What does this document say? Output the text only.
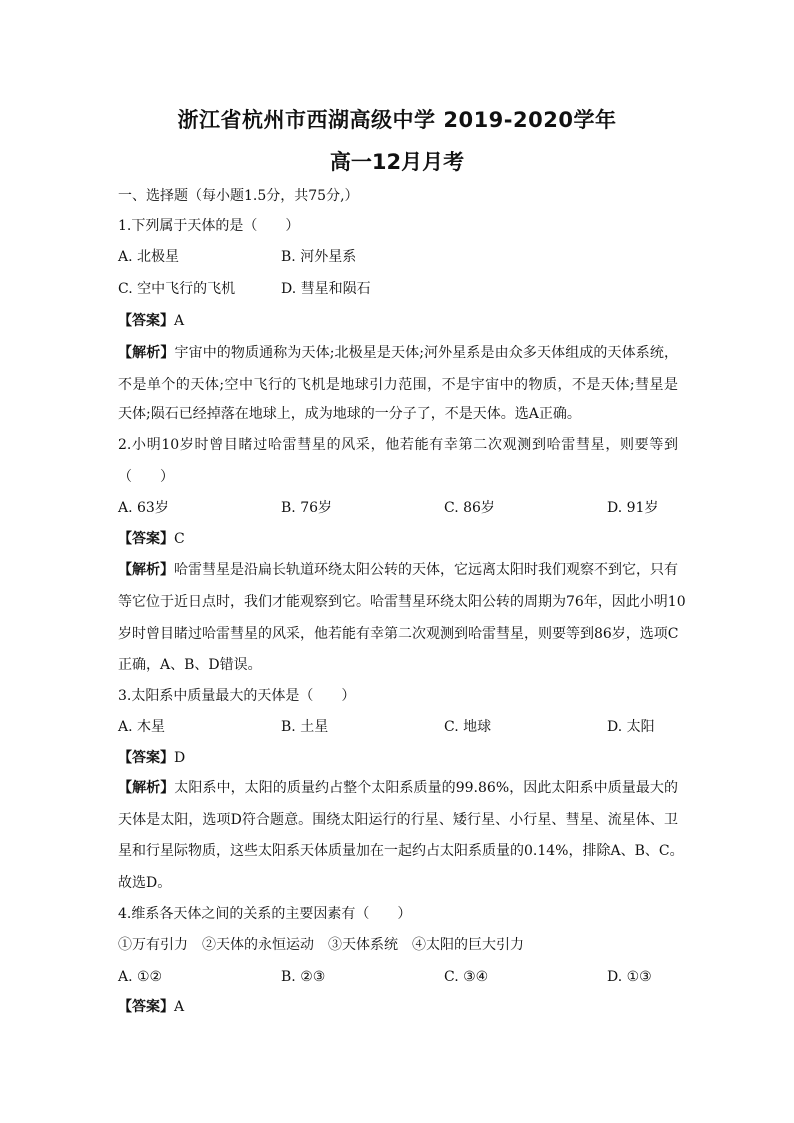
浙江省杭州市西湖高级中学 2019-2020学年
高一12月月考
一、选择题（每小题1.5分，共75分,）
1.下列属于天体的是（　　）
A. 北极星	B. 河外星系
C. 空中飞行的飞机	D. 彗星和陨石
【答案】A
【解析】宇宙中的物质通称为天体;北极星是天体;河外星系是由众多天体组成的天体系统，
不是单个的天体;空中飞行的飞机是地球引力范围，不是宇宙中的物质，不是天体;彗星是
天体;陨石已经掉落在地球上，成为地球的一分子了，不是天体。选A正确。
2.小明10岁时曾目睹过哈雷彗星的风采，他若能有幸第二次观测到哈雷彗星，则要等到
（　　）
A. 63岁	B. 76岁	C. 86岁	D. 91岁
【答案】C
【解析】哈雷彗星是沿扁长轨道环绕太阳公转的天体，它远离太阳时我们观察不到它，只有
等它位于近日点时，我们才能观察到它。哈雷彗星环绕太阳公转的周期为76年，因此小明10
岁时曾目睹过哈雷彗星的风采，他若能有幸第二次观测到哈雷彗星，则要等到86岁，选项C
正确，A、B、D错误。
3.太阳系中质量最大的天体是（　　）
A. 木星	B. 土星	C. 地球	D. 太阳
【答案】D
【解析】太阳系中，太阳的质量约占整个太阳系质量的99.86%，因此太阳系中质量最大的
天体是太阳，选项D符合题意。围绕太阳运行的行星、矮行星、小行星、彗星、流星体、卫
星和行星际物质，这些太阳系天体质量加在一起约占太阳系质量的0.14%，排除A、B、C。
故选D。
4.维系各天体之间的关系的主要因素有（　　）
①万有引力　②天体的永恒运动　③天体系统　④太阳的巨大引力
A. ①②	B. ②③	C. ③④	D. ①③
【答案】A
